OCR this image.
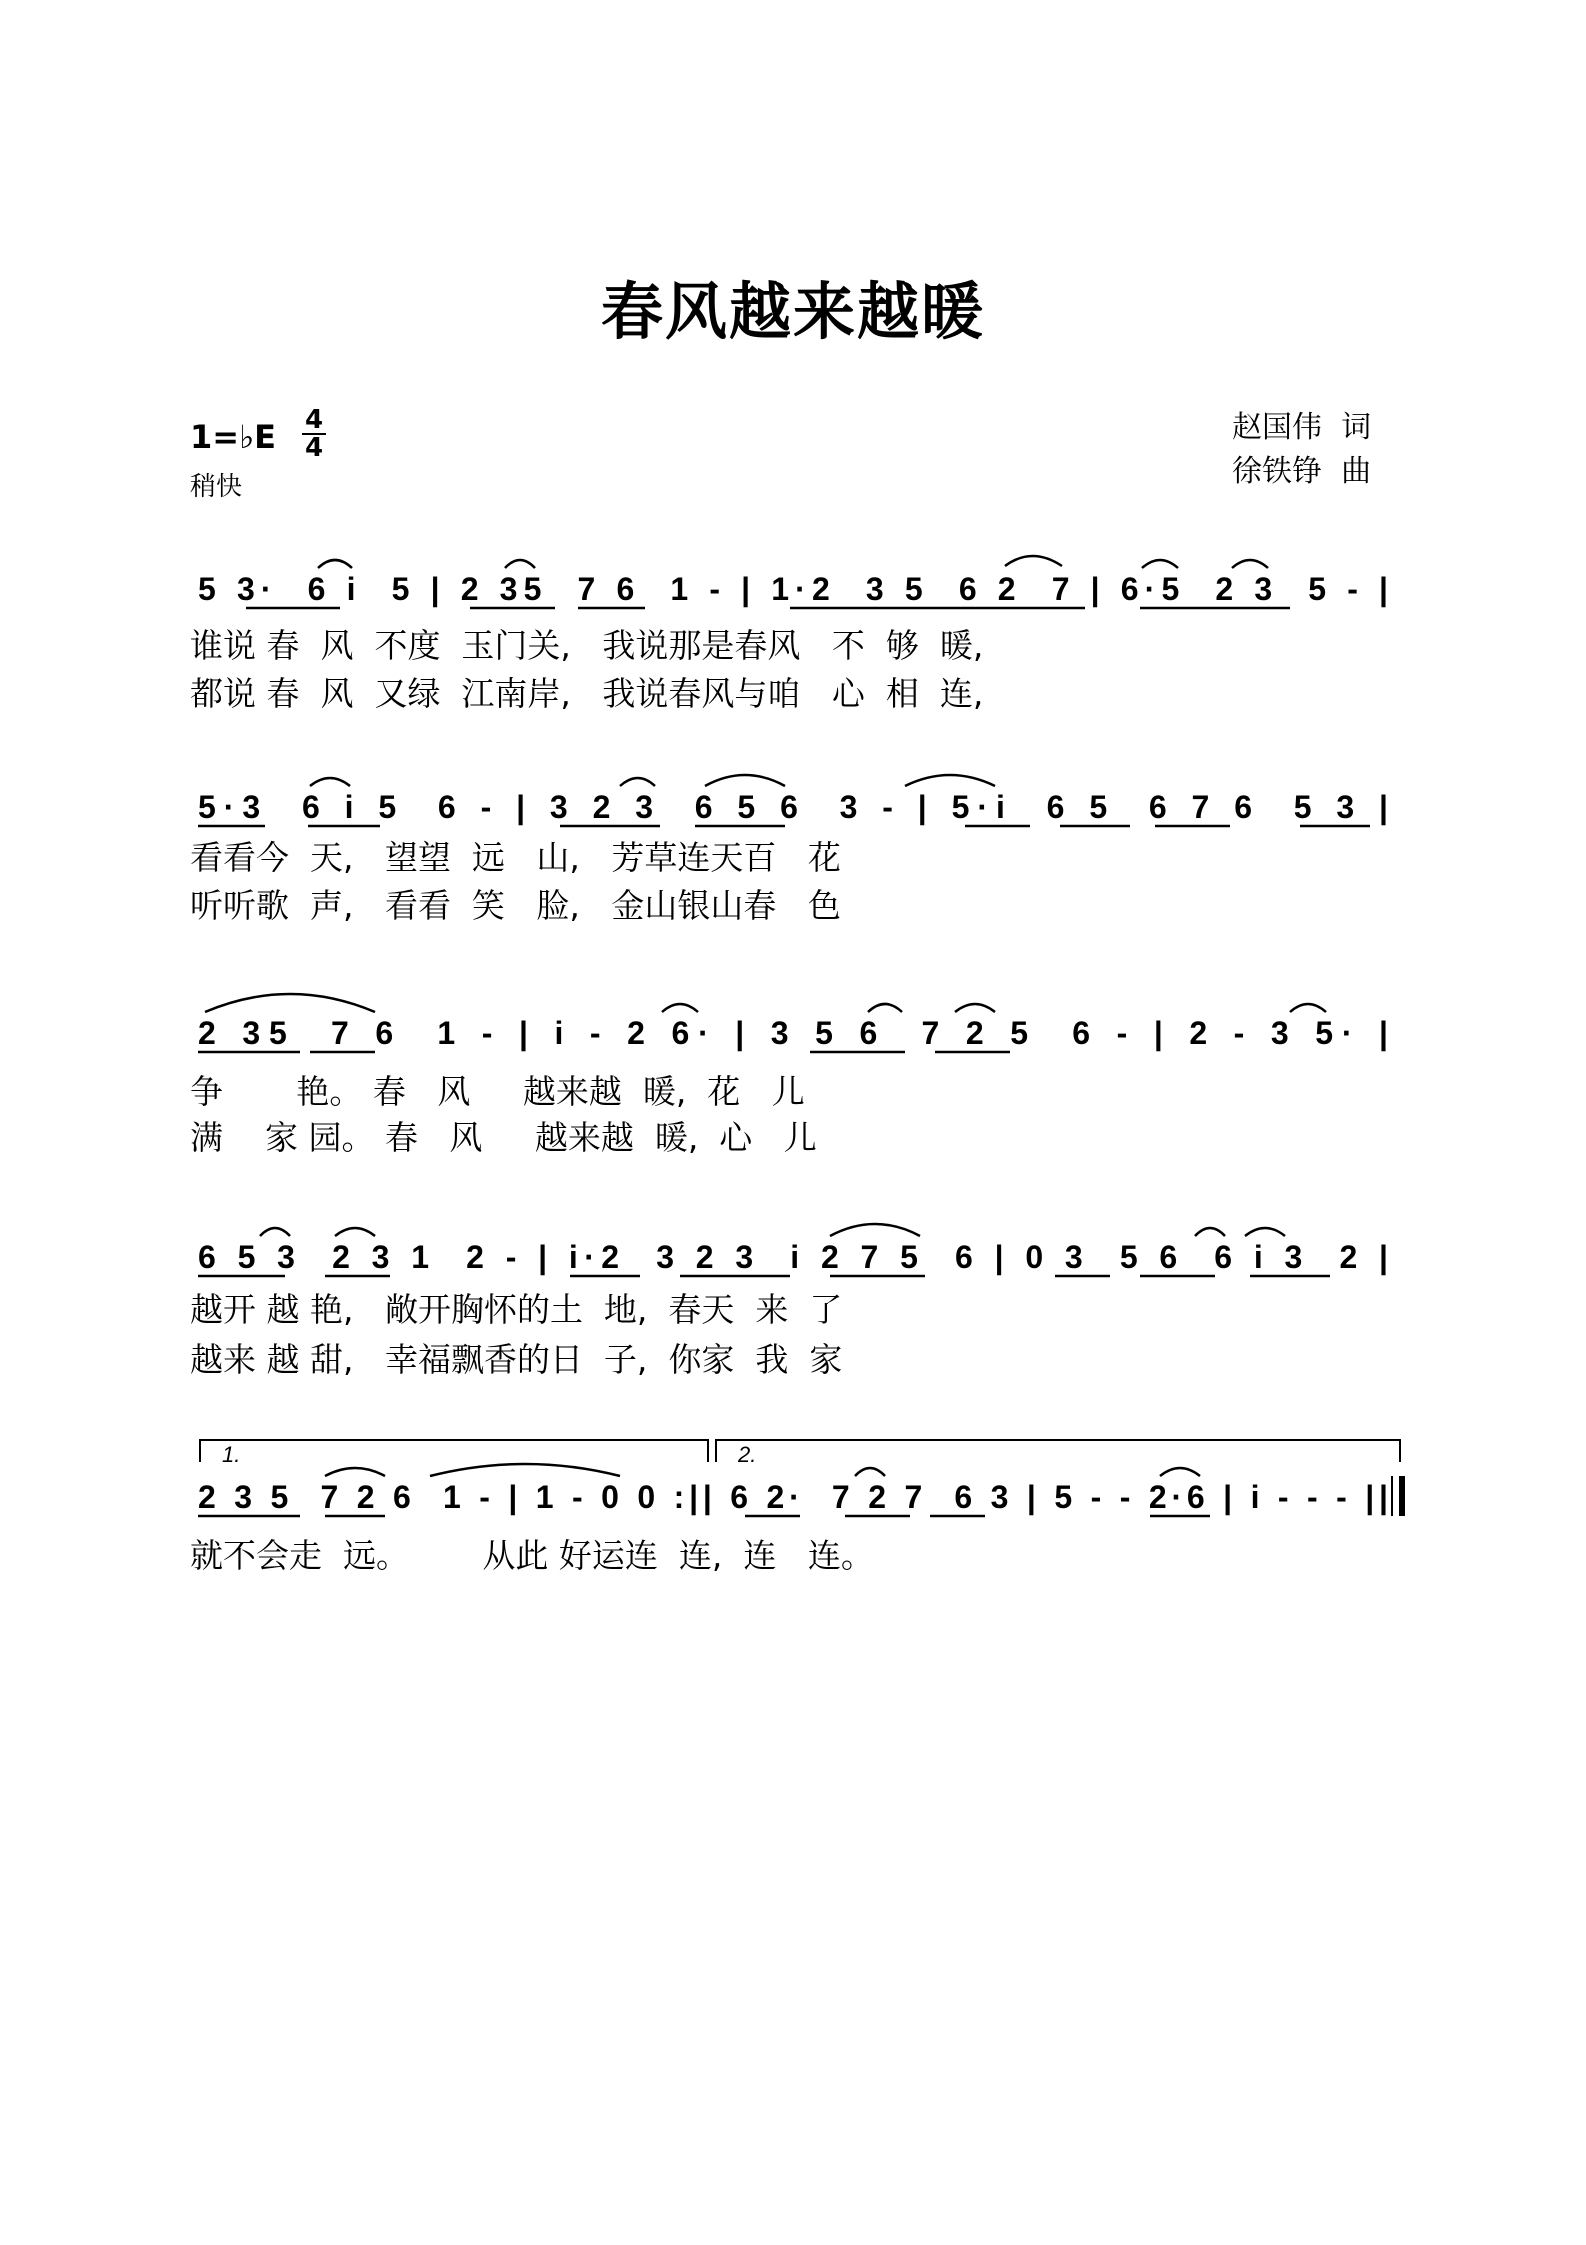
春风越来越暖
1=♭E 4
4
稍快
赵国伟  词
徐铁铮  曲
谁说 春  风  不度  玉门关,   我说那是春风   不  够  暖,
都说 春  风  又绿  江南岸,   我说春风与咱   心  相  连,
看看今  天,   望望  远   山,   芳草连天百   花
听听歌  声,   看看  笑   脸,   金山银山春   色
争       艳。 春   风     越来越  暖,  花   儿
满    家 园。 春   风     越来越  暖,  心   儿
越开 越 艳,   敞开胸怀的土  地,  春天  来  了
越来 越 甜,   幸福飘香的日  子,  你家  我  家
就不会走  远。       从此 好运连  连,  连   连。
5 3·  6 i  5 | 2 35  7 6  1 - | 1·2  3 5  6 2  7 | 6·5  2 3  5 - |
5·3  6 i 5  6 - | 3 2 3  6 5 6  3 - | 5·i  6 5  6 7 6  5 3 |
2 35  7 6  1 - | i - 2 6· | 3 5 6  7 2 5  6 - | 2 - 3 5· |
6 5 3  2 3 1  2 - | i·2  3 2 3  i 2 7 5  6 | 0 3  5 6  6 i 3  2 |
2 3 5  7 2 6  1 - | 1 - 0 0 :|| 6 2·  7 2 7  6 3 | 5 - - 2·6 | i - - - ||
1.	2.
